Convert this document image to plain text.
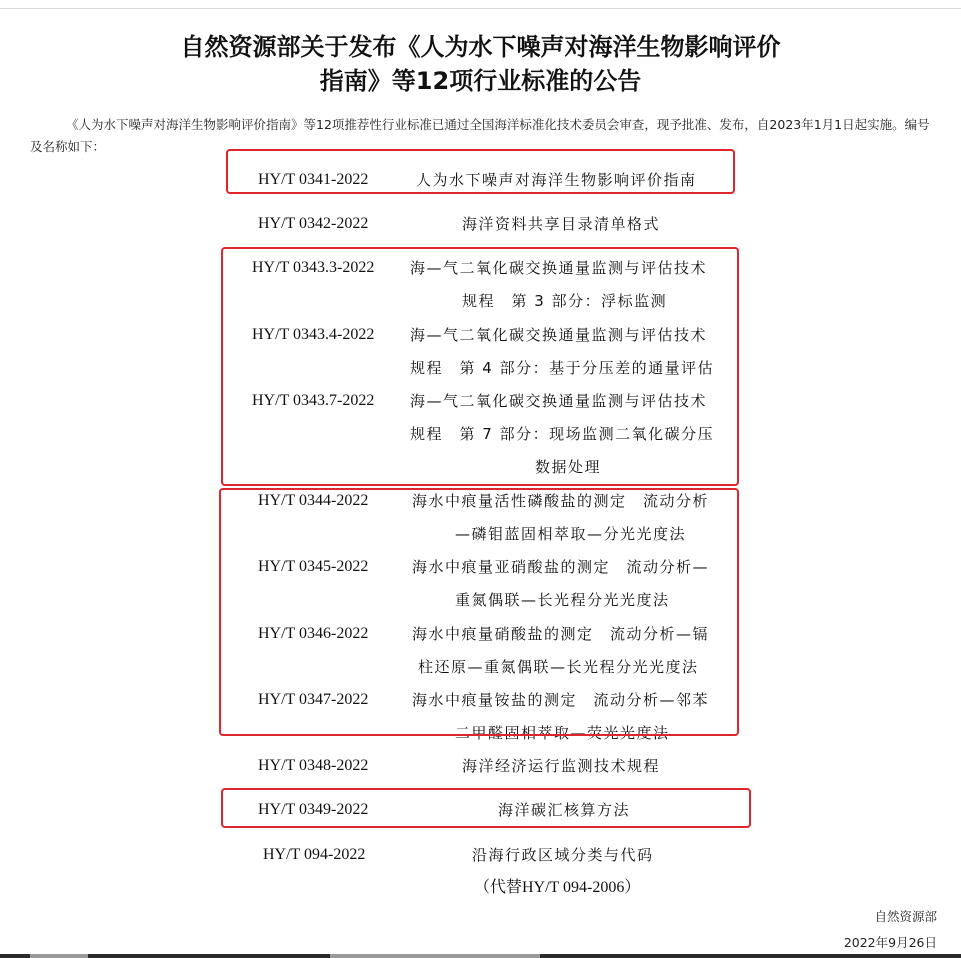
自然资源部关于发布《人为水下噪声对海洋生物影响评价
指南》等12项行业标准的公告

《人为水下噪声对海洋生物影响评价指南》等12项推荐性行业标准已通过全国海洋标准化技术委员会审查，现予批准、发布，自2023年1月1日起实施。编号及名称如下：

HY/T 0341-2022	人为水下噪声对海洋生物影响评价指南
HY/T 0342-2022	海洋资料共享目录清单格式
HY/T 0343.3-2022 海—气二氧化碳交换通量监测与评估技术
规程　第 3 部分：浮标监测
HY/T 0343.4-2022 海—气二氧化碳交换通量监测与评估技术
规程　第 4 部分：基于分压差的通量评估
HY/T 0343.7-2022 海—气二氧化碳交换通量监测与评估技术
规程　第 7 部分：现场监测二氧化碳分压
数据处理
HY/T 0344-2022	海水中痕量活性磷酸盐的测定　流动分析
—磷钼蓝固相萃取—分光光度法
HY/T 0345-2022	海水中痕量亚硝酸盐的测定　流动分析—
重氮偶联—长光程分光光度法
HY/T 0346-2022	海水中痕量硝酸盐的测定　流动分析—镉
柱还原—重氮偶联—长光程分光光度法
HY/T 0347-2022	海水中痕量铵盐的测定　流动分析—邻苯
二甲醛固相萃取—荧光光度法
HY/T 0348-2022	海洋经济运行监测技术规程
HY/T 0349-2022	海洋碳汇核算方法
HY/T 094-2022	沿海行政区域分类与代码
（代替HY/T 094-2006）
自然资源部
2022年9月26日
